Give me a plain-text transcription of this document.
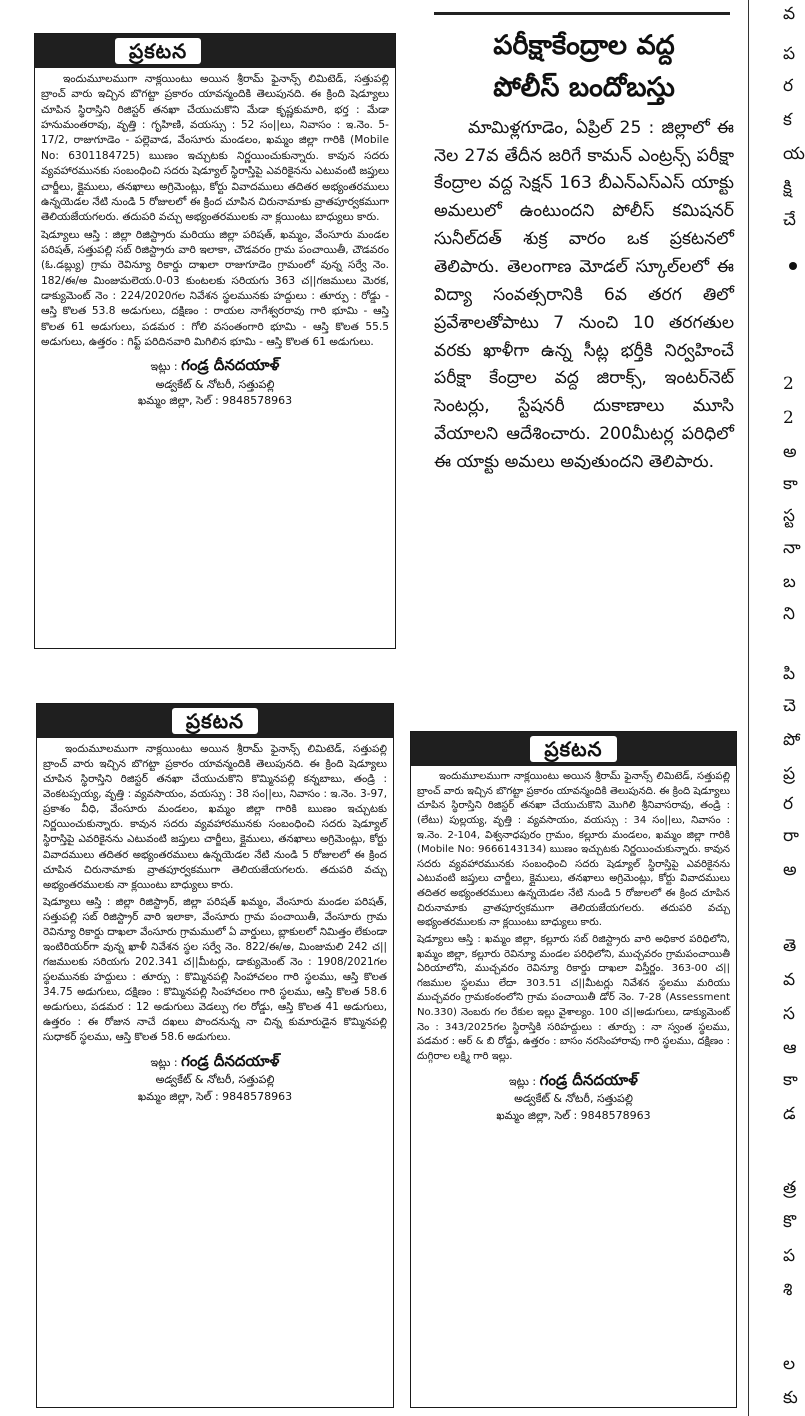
ప్రకటన

ఇందుమూలముగా నాక్లయింటు అయిన శ్రీరామ్ ఫైనాన్స్ లిమిటెడ్, సత్తుపల్లి బ్రాంచ్ వారు ఇచ్చిన బొగట్టా ప్రకారం యావన్మందికి తెలుపునది. ఈ క్రింది షెడ్యూలు చూపిన స్థిరాస్తిని రిజిస్టర్ తనఖా చేయుచుకొని మేడా కృష్ణకుమారి, భర్త : మేడా హనుమంతరావు, వృత్తి : గృహిణి, వయస్సు : 52 సం||లు, నివాసం : ఇ.నెం. 5-17/2, రాజుగూడెం - పల్లెవాడ, వేంసూరు మండలం, ఖమ్మం జిల్లా గారికి (Mobile No: 6301184725) ఋణం ఇచ్చుటకు నిర్ణయించుకున్నారు. కావున సదరు వ్యవహారమునకు సంబంధించి సదరు షెడ్యూల్ స్థిరాస్తిపై ఎవరికైనను ఎటువంటి జప్తులు చార్జీలు, క్లైములు, తనఖాలు అగ్రిమెంట్లు, కోర్టు వివాదములు తదితర అభ్యంతరములు ఉన్నయెడల నేటి నుండి 5 రోజులలో ఈ క్రింద చూపిన చిరునామాకు వ్రాతపూర్వకముగా తెలియజేయగలరు. తదుపరి వచ్చు అభ్యంతరములకు నా క్లయింటు బాధ్యులు కారు.

షెడ్యూలు ఆస్తి : జిల్లా రిజిస్ట్రారు మరియు జిల్లా పరిషత్, ఖమ్మం, వేంసూరు మండల పరిషత్, సత్తుపల్లి సబ్ రిజిస్ట్రారు వారి ఇలాకా, చౌడవరం గ్రామ పంచాయితీ, చౌడవరం (ఓ.డబ్ల్యు) గ్రామ రెవిన్యూ రికార్డు దాఖలా రాజుగూడెం గ్రామంలో వున్న సర్వే నెం. 182/ఈ/అ మింజుమలెయ.0-03 కుంటలకు సరియగు 363 చ||గజములు మెరక, డాక్యుమెంట్ నెం : 224/2020గల నివేశన స్థలమునకు హద్దులు : తూర్పు : రోడ్డు - ఆస్తి కొలత 53.8 అడుగులు, దక్షిణం : రాయల నాగేశ్వరరావు గారి భూమి - ఆస్తి కొలత 61 అడుగులు, పడమర : గోలి వసంతంగారి భూమి - ఆస్తి కొలత 55.5 అడుగులు, ఉత్తరం : గిఫ్ట్ పరిదినవారి మిగిలిన భూమి - ఆస్తి కొలత 61 అడుగులు.

ఇట్లు : గండ్ర దీనదయాళ్
అడ్వకేట్ & నోటరీ, సత్తుపల్లి
ఖమ్మం జిల్లా, సెల్ : 9848578963
పరీక్షాకేంద్రాల వద్ద
పోలీస్ బందోబస్తు
మామిళ్లగూడెం, ఏప్రిల్ 25 : జిల్లాలో ఈ నెల 27వ తేదీన జరిగే కామన్ ఎంట్రన్స్ పరీక్షా కేంద్రాల వద్ద సెక్షన్ 163 బీఎన్ఎస్ఎస్ యాక్టు అమలులో ఉంటుందని పోలీస్ కమిషనర్ సునీల్‌దత్ శుక్ర వారం ఒక ప్రకటనలో తెలిపారు. తెలంగాణ మోడల్ స్కూల్‌లలో ఈ విద్యా సంవత్సరానికి 6వ తరగ తిలో ప్రవేశాలతోపాటు 7 నుంచి 10 తరగతుల వరకు ఖాళీగా ఉన్న సీట్ల భర్తీకి నిర్వహించే పరీక్షా కేంద్రాల వద్ద జిరాక్స్, ఇంటర్‌నెట్ సెంటర్లు, స్టేషనరీ దుకాణాలు మూసి వేయాలని ఆదేశించారు. 200మీటర్ల పరిధిలో ఈ యాక్టు అమలు అవుతుందని తెలిపారు.
ప్రకటన

ఇందుమూలముగా నాక్లయింటు అయిన శ్రీరామ్ ఫైనాన్స్ లిమిటెడ్, సత్తుపల్లి బ్రాంచ్ వారు ఇచ్చిన బొగట్టా ప్రకారం యావన్మందికి తెలుపునది. ఈ క్రింది షెడ్యూలు చూపిన స్థిరాస్తిని రిజిస్టర్ తనఖా చేయుచుకొని కొమ్మినపల్లి కన్నబాబు, తండ్రి : వెంకటప్పయ్య, వృత్తి : వ్యవసాయం, వయస్సు : 38 సం||లు, నివాసం : ఇ.నెం. 3-97, ప్రకాశం వీధి, వేంసూరు మండలం, ఖమ్మం జిల్లా గారికి ఋణం ఇచ్చుటకు నిర్ణయించుకున్నారు. కావున సదరు వ్యవహారమునకు సంబంధించి సదరు షెడ్యూల్ స్థిరాస్తిపై ఎవరికైనను ఎటువంటి జప్తులు చార్జీలు, క్లైములు, తనఖాలు అగ్రిమెంట్లు, కోర్టు వివాదములు తదితర అభ్యంతరములు ఉన్నయెడల నేటి నుండి 5 రోజులలో ఈ క్రింద చూపిన చిరునామాకు వ్రాతపూర్వకముగా తెలియజేయగలరు. తదుపరి వచ్చు అభ్యంతరములకు నా క్లయింటు బాధ్యులు కారు.

షెడ్యూలు ఆస్తి : జిల్లా రిజిస్ట్రార్, జిల్లా పరిషత్ ఖమ్మం, వేంసూరు మండల పరిషత్, సత్తుపల్లి సబ్ రిజిస్ట్రార్ వారి ఇలాకా, వేంసూరు గ్రామ పంచాయితీ, వేంసూరు గ్రామ రెవిన్యూ రికార్డు దాఖలా వేంసూరు గ్రామములో ఏ వార్డులు, బ్లాకులలో నిమిత్తం లేకుండా ఇంటిరియర్‌గా వున్న ఖాళీ నివేశన స్థల సర్వే నెం. 822/ఈ/అ, మింజుమలి 242 చ||గజములకు సరియగు 202.341 చ||మీటర్లు, డాక్యుమెంట్ నెం : 1908/2021గల స్థలమునకు హద్దులు : తూర్పు : కొమ్మినపల్లి సింహాచలం గారి స్థలము, ఆస్తి కొలత 34.75 అడుగులు, దక్షిణం : కొమ్మినపల్లి సింహాచలం గారి స్థలము, ఆస్తి కొలత 58.6 అడుగులు, పడమర : 12 అడుగులు వెడల్పు గల రోడ్డు, ఆస్తి కొలత 41 అడుగులు, ఉత్తరం : ఈ రోజున నాచే దఖలు పొందనున్న నా చిన్న కుమారుడైన కొమ్మినపల్లి సుధాకర్ స్థలము, ఆస్తి కొలత 58.6 అడుగులు.

ఇట్లు : గండ్ర దీనదయాళ్
అడ్వకేట్ & నోటరీ, సత్తుపల్లి
ఖమ్మం జిల్లా, సెల్ : 9848578963
ప్రకటన

ఇందుమూలముగా నాక్లయింటు అయిన శ్రీరామ్ ఫైనాన్స్ లిమిటెడ్, సత్తుపల్లి బ్రాంచ్ వారు ఇచ్చిన బొగట్టా ప్రకారం యావన్మందికి తెలుపునది. ఈ క్రింది షెడ్యూలు చూపిన స్థిరాస్తిని రిజిస్టర్ తనఖా చేయుచుకొని మొగిలి శ్రీనివాసరావు, తండ్రి : (లేటు) పుల్లయ్య, వృత్తి : వ్యవసాయం, వయస్సు : 34 సం||లు, నివాసం : ఇ.నెం. 2-104, విశ్వనాధపురం గ్రామం, కల్లూరు మండలం, ఖమ్మం జిల్లా గారికి (Mobile No: 9666143134) ఋణం ఇచ్చుటకు నిర్ణయించుకున్నారు. కావున సదరు వ్యవహారమునకు సంబంధించి సదరు షెడ్యూల్ స్థిరాస్తిపై ఎవరికైనను ఎటువంటి జప్తులు చార్జీలు, క్లైములు, తనఖాలు అగ్రిమెంట్లు, కోర్టు వివాదములు తదితర అభ్యంతరములు ఉన్నయెడల నేటి నుండి 5 రోజులలో ఈ క్రింద చూపిన చిరునామాకు వ్రాతపూర్వకముగా తెలియజేయగలరు. తదుపరి వచ్చు అభ్యంతరములకు నా క్లయింటు బాధ్యులు కారు.

షెడ్యూలు ఆస్తి : ఖమ్మం జిల్లా, కల్లూరు సబ్ రిజిస్ట్రారు వారి అధికార పరిధిలోని, ఖమ్మం జిల్లా, కల్లూరు రెవిన్యూ మండల పరిధిలోని, ముచ్చవరం గ్రామపంచాయితీ ఏరియాలోని, ముచ్చవరం రెవిన్యూ రికార్డు దాఖలా విస్తీర్ణం. 363-00 చ||గజముల స్థలము లేదా 303.51 చ||మీటర్లు నివేశన స్థలము మరియు ముచ్చవరం గ్రామకంఠంలోని గ్రామ పంచాయితీ డోర్ నెం. 7-28 (Assessment No.330) నెంబరు గల రేకుల ఇల్లు వైశాల్యం. 100 చ||అడుగులు, డాక్యుమెంట్ నెం : 343/2025గల స్థిరాస్తికి సరిహద్దులు : తూర్పు : నా స్వంత స్థలము, పడమర : ఆర్ & బి రోడ్డు, ఉత్తరం : బాసం నరసింహారావు గారి స్థలము, దక్షిణం : దుగ్గిరాల లక్ష్మి గారి ఇల్లు.

ఇట్లు : గండ్ర దీనదయాళ్
అడ్వకేట్ & నోటరీ, సత్తుపల్లి
ఖమ్మం జిల్లా, సెల్ : 9848578963
వ
ప
ర
క
య
క్షి
చే
2
2
అ
కా
స్ట
నా
బ
ని
పి
చె
పో
ప్ర
ర
రా
అ
తె
వ
స
ఆ
కా
డ
త్ర
కొ
ప
శి
ల
కు
